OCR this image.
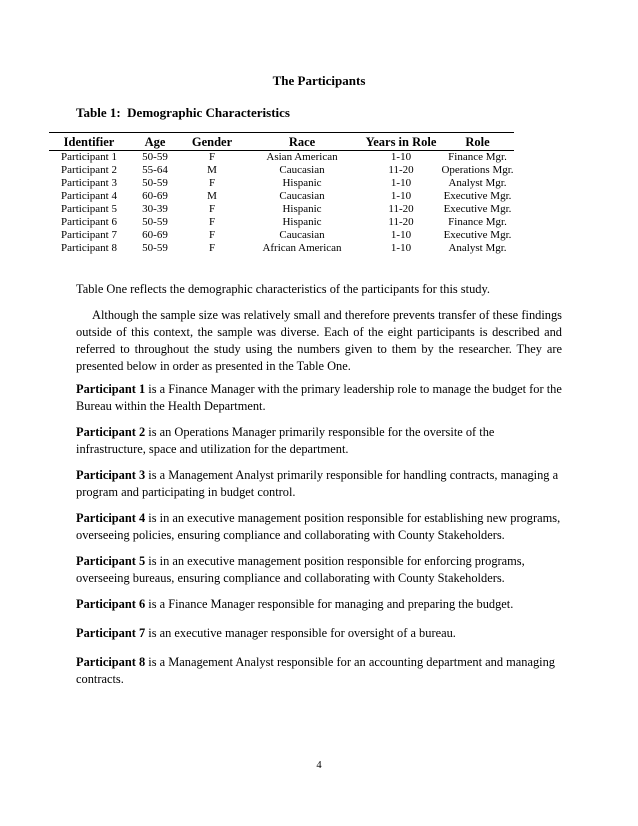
The Participants
Table 1:  Demographic Characteristics
Identifier	Age	Gender	Race	Years in Role	Role
Participant 1	50-59	F	Asian American	1-10	Finance Mgr.
Participant 2	55-64	M	Caucasian	11-20	Operations Mgr.
Participant 3	50-59	F	Hispanic	1-10	Analyst Mgr.
Participant 4	60-69	M	Caucasian	1-10	Executive Mgr.
Participant 5	30-39	F	Hispanic	11-20	Executive Mgr.
Participant 6	50-59	F	Hispanic	11-20	Finance Mgr.
Participant 7	60-69	F	Caucasian	1-10	Executive Mgr.
Participant 8	50-59	F	African American	1-10	Analyst Mgr.
Table One reflects the demographic characteristics of the participants for this study.
Although the sample size was relatively small and therefore prevents transfer of these findings outside of this context, the sample was diverse. Each of the eight participants is described and referred to throughout the study using the numbers given to them by the researcher. They are presented below in order as presented in the Table One.
Participant 1 is a Finance Manager with the primary leadership role to manage the budget for the Bureau within the Health Department.
Participant 2 is an Operations Manager primarily responsible for the oversite of the infrastructure, space and utilization for the department.
Participant 3 is a Management Analyst primarily responsible for handling contracts, managing a program and participating in budget control.
Participant 4 is in an executive management position responsible for establishing new programs, overseeing policies, ensuring compliance and collaborating with County Stakeholders.
Participant 5 is in an executive management position responsible for enforcing programs, overseeing bureaus, ensuring compliance and collaborating with County Stakeholders.
Participant 6 is a Finance Manager responsible for managing and preparing the budget.
Participant 7 is an executive manager responsible for oversight of a bureau.
Participant 8 is a Management Analyst responsible for an accounting department and managing contracts.
4
